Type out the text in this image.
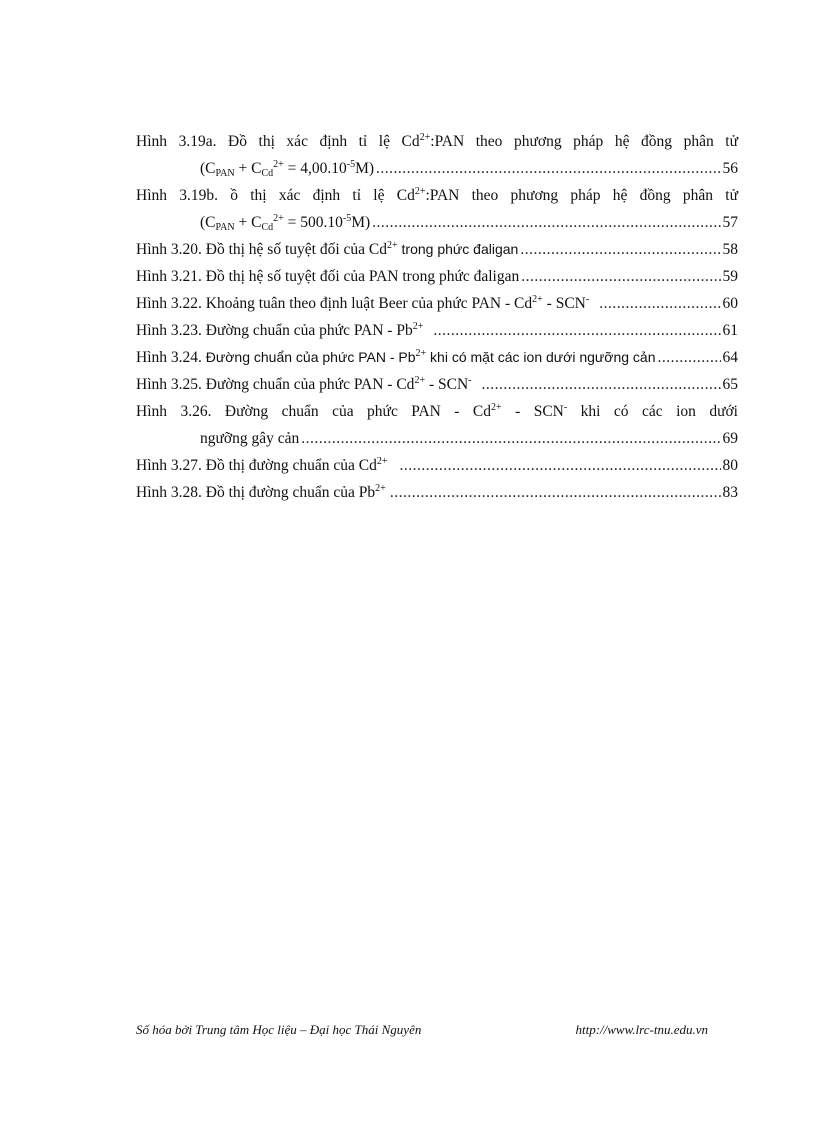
Hình 3.19a. Đồ thị xác định tỉ lệ $Cd^{2+}:PAN$ theo phương pháp hệ đồng phân tử
$(C_{PAN} + C_{Cd}^{2+} = 4,00.10^{-5}M)$ .....	56
Hình 3.19b. ồ thị xác định tỉ lệ $Cd^{2+}:PAN$ theo phương pháp hệ đồng phân tử
$(C_{PAN} + C_{Cd}^{2+} = 500.10^{-5}M)$ .....	57
Hình 3.20. Đồ thị hệ số tuyệt đối của $Cd^{2+}$ trong phức đaligan .....	58
Hình 3.21. Đồ thị hệ số tuyệt đối của PAN trong phức đaligan .....	59
Hình 3.22. Khoảng tuân theo định luật Beer của phức PAN - $Cd^{2+} - SCN^-$ .....	60
Hình 3.23. Đường chuẩn của phức PAN - $Pb^{2+}$ .....	61
Hình 3.24. Đường chuẩn của phức PAN - $Pb^{2+}$ khi có mặt các ion dưới ngưỡng cản .....	64
Hình 3.25. Đường chuẩn của phức PAN - $Cd^{2+} - SCN^-$ .....	65
Hình 3.26. Đường chuẩn của phức PAN - $Cd^{2+} - SCN^-$ khi có các ion dưới
ngưỡng gây cản .....	69
Hình 3.27. Đồ thị đường chuẩn của $Cd^{2+}$ .....	80
Hình 3.28. Đồ thị đường chuẩn của $Pb^{2+}$ .....	83
Số hóa bởi Trung tâm Học liệu – Đại học Thái Nguyên	http://www.lrc-tnu.edu.vn
